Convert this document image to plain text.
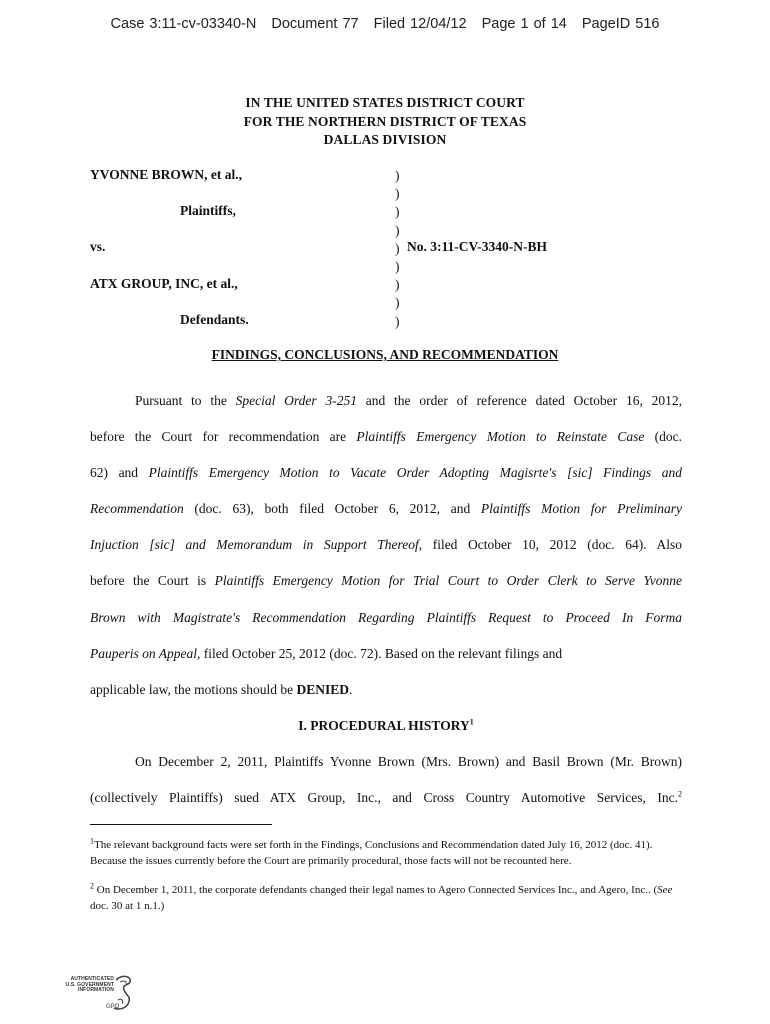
Case 3:11-cv-03340-N Document 77 Filed 12/04/12 Page 1 of 14 PageID 516
IN THE UNITED STATES DISTRICT COURT
FOR THE NORTHERN DISTRICT OF TEXAS
DALLAS DIVISION
YVONNE BROWN, et al.,
Plaintiffs,
vs.
ATX GROUP, INC, et al.,
Defendants.
)
)
)
)
)
)
)
)
)
No. 3:11-CV-3340-N-BH
FINDINGS, CONCLUSIONS, AND RECOMMENDATION

Pursuant to the Special Order 3-251 and the order of reference dated October 16, 2012,

before the Court for recommendation are Plaintiffs Emergency Motion to Reinstate Case (doc.

62) and Plaintiffs Emergency Motion to Vacate Order Adopting Magisrte's [sic] Findings and

Recommendation (doc. 63), both filed October 6, 2012, and Plaintiffs Motion for Preliminary

Injuction [sic] and Memorandum in Support Thereof, filed October 10, 2012 (doc. 64). Also

before the Court is Plaintiffs Emergency Motion for Trial Court to Order Clerk to Serve Yvonne

Brown with Magistrate's Recommendation Regarding Plaintiffs Request to Proceed In Forma

Pauperis on Appeal, filed October 25, 2012 (doc. 72). Based on the relevant filings and

applicable law, the motions should be DENIED.

I. PROCEDURAL HISTORY$^1$

On December 2, 2011, Plaintiffs Yvonne Brown (Mrs. Brown) and Basil Brown (Mr. Brown)

(collectively Plaintiffs) sued ATX Group, Inc., and Cross Country Automotive Services, Inc.$^2$

$^1$The relevant background facts were set forth in the Findings, Conclusions and Recommendation dated July 16, 2012 (doc. 41). Because the issues currently before the Court are primarily procedural, those facts will not be recounted here.

$^2$ On December 1, 2011, the corporate defendants changed their legal names to Agero Connected Services Inc., and Agero, Inc.. (See doc. 30 at 1 n.1.)

AUTHENTICATED
U.S. GOVERNMENT
INFORMATION
GPO
